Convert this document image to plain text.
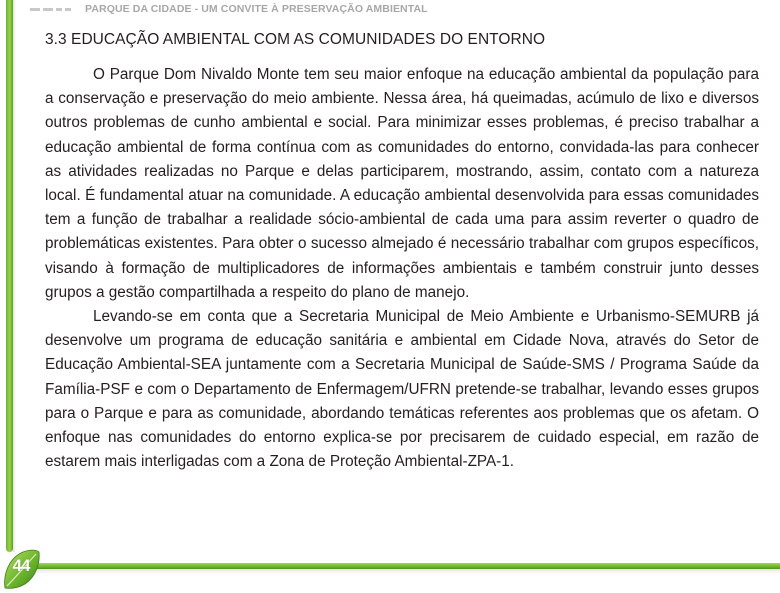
PARQUE DA CIDADE - UM CONVITE À PRESERVAÇÃO AMBIENTAL
3.3 EDUCAÇÃO AMBIENTAL COM AS COMUNIDADES DO ENTORNO

O Parque Dom Nivaldo Monte tem seu maior enfoque na educação ambiental da população para a conservação e preservação do meio ambiente. Nessa área, há queimadas, acúmulo de lixo e diversos outros problemas de cunho ambiental e social. Para minimizar esses problemas, é preciso trabalhar a educação ambiental de forma contínua com as comunidades do entorno, convidada-las para conhecer as atividades realizadas no Parque e delas participarem, mostrando, assim, contato com a natureza local. É fundamental atuar na comunidade. A educação ambiental desenvolvida para essas comunidades tem a função de trabalhar a realidade sócio-ambiental de cada uma para assim reverter o quadro de problemáticas existentes. Para obter o sucesso almejado é necessário trabalhar com grupos específicos, visando à formação de multiplicadores de informações ambientais e também construir junto desses grupos a gestão compartilhada a respeito do plano de manejo.

Levando-se em conta que a Secretaria Municipal de Meio Ambiente e Urbanismo-SEMURB já desenvolve um programa de educação sanitária e ambiental em Cidade Nova, através do Setor de Educação Ambiental-SEA juntamente com a Secretaria Municipal de Saúde-SMS / Programa Saúde da Família-PSF e com o Departamento de Enfermagem/UFRN pretende-se trabalhar, levando esses grupos para o Parque e para as comunidade, abordando temáticas referentes aos problemas que os afetam. O enfoque nas comunidades do entorno explica-se por precisarem de cuidado especial, em razão de estarem mais interligadas com a Zona de Proteção Ambiental-ZPA-1.

44
